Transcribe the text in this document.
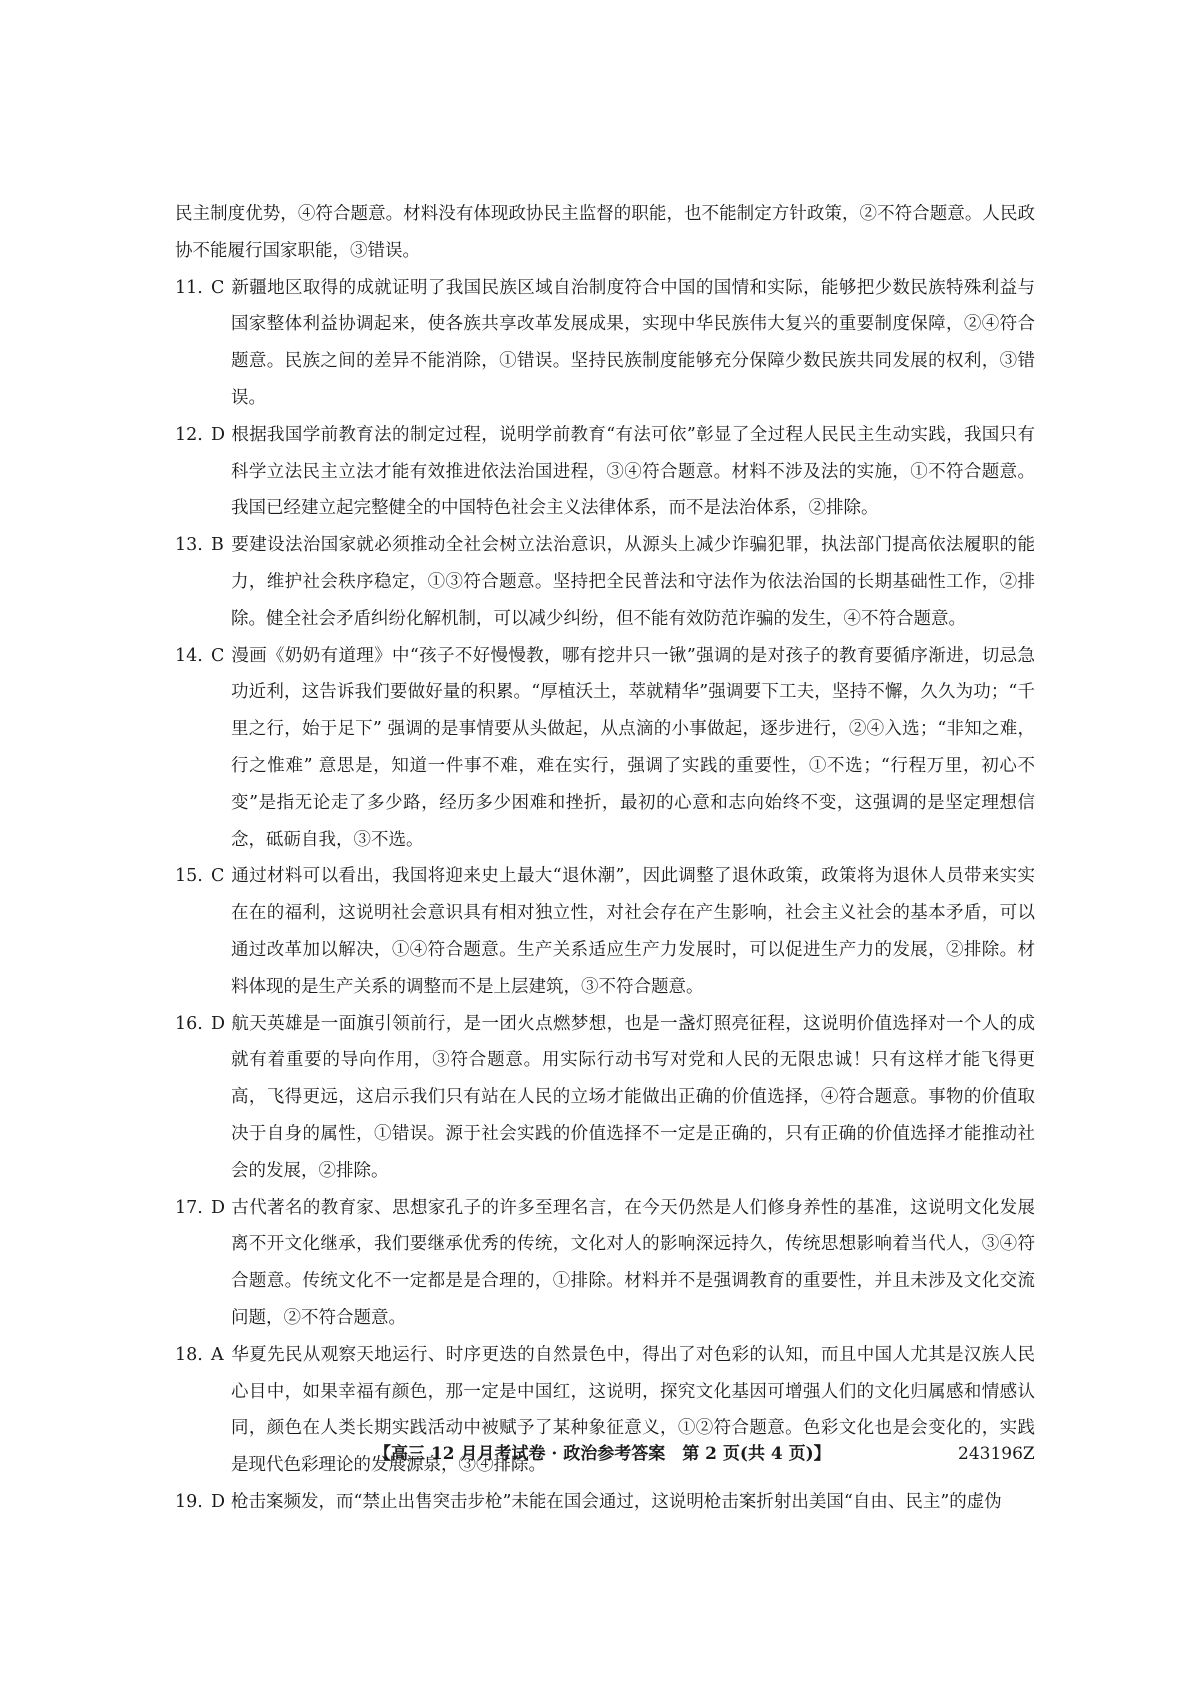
民主制度优势，④符合题意。材料没有体现政协民主监督的职能，也不能制定方针政策，②不符合题意。人民政协不能履行国家职能，③错误。

11. C 新疆地区取得的成就证明了我国民族区域自治制度符合中国的国情和实际，能够把少数民族特殊利益与国家整体利益协调起来，使各族共享改革发展成果，实现中华民族伟大复兴的重要制度保障，②④符合题意。民族之间的差异不能消除，①错误。坚持民族制度能够充分保障少数民族共同发展的权利，③错误。

12. D 根据我国学前教育法的制定过程，说明学前教育“有法可依”彰显了全过程人民民主生动实践，我国只有科学立法民主立法才能有效推进依法治国进程，③④符合题意。材料不涉及法的实施，①不符合题意。我国已经建立起完整健全的中国特色社会主义法律体系，而不是法治体系，②排除。

13. B 要建设法治国家就必须推动全社会树立法治意识，从源头上减少诈骗犯罪，执法部门提高依法履职的能力，维护社会秩序稳定，①③符合题意。坚持把全民普法和守法作为依法治国的长期基础性工作，②排除。健全社会矛盾纠纷化解机制，可以减少纠纷，但不能有效防范诈骗的发生，④不符合题意。

14. C 漫画《奶奶有道理》中“孩子不好慢慢教，哪有挖井只一锹”强调的是对孩子的教育要循序渐进，切忌急功近利，这告诉我们要做好量的积累。“厚植沃土，萃就精华”强调要下工夫，坚持不懈，久久为功；“千里之行，始于足下” 强调的是事情要从头做起，从点滴的小事做起，逐步进行，②④入选；“非知之难，行之惟难” 意思是，知道一件事不难，难在实行，强调了实践的重要性，①不选；“行程万里，初心不变”是指无论走了多少路，经历多少困难和挫折，最初的心意和志向始终不变，这强调的是坚定理想信念，砥砺自我，③不选。

15. C 通过材料可以看出，我国将迎来史上最大“退休潮”，因此调整了退休政策，政策将为退休人员带来实实在在的福利，这说明社会意识具有相对独立性，对社会存在产生影响，社会主义社会的基本矛盾，可以通过改革加以解决，①④符合题意。生产关系适应生产力发展时，可以促进生产力的发展，②排除。材料体现的是生产关系的调整而不是上层建筑，③不符合题意。

16. D 航天英雄是一面旗引领前行，是一团火点燃梦想，也是一盏灯照亮征程，这说明价值选择对一个人的成就有着重要的导向作用，③符合题意。用实际行动书写对党和人民的无限忠诚！只有这样才能飞得更高，飞得更远，这启示我们只有站在人民的立场才能做出正确的价值选择，④符合题意。事物的价值取决于自身的属性，①错误。源于社会实践的价值选择不一定是正确的，只有正确的价值选择才能推动社会的发展，②排除。

17. D 古代著名的教育家、思想家孔子的许多至理名言，在今天仍然是人们修身养性的基准，这说明文化发展离不开文化继承，我们要继承优秀的传统，文化对人的影响深远持久，传统思想影响着当代人，③④符合题意。传统文化不一定都是是合理的，①排除。材料并不是强调教育的重要性，并且未涉及文化交流问题，②不符合题意。

18. A 华夏先民从观察天地运行、时序更迭的自然景色中，得出了对色彩的认知，而且中国人尤其是汉族人民心目中，如果幸福有颜色，那一定是中国红，这说明，探究文化基因可增强人们的文化归属感和情感认同，颜色在人类长期实践活动中被赋予了某种象征意义，①②符合题意。色彩文化也是会变化的，实践是现代色彩理论的发展源泉，③④排除。

19. D 枪击案频发，而“禁止出售突击步枪”未能在国会通过，这说明枪击案折射出美国“自由、民主”的虚伪

【高三 12 月月考试卷 · 政治参考答案　第 2 页(共 4 页)】	243196Z
